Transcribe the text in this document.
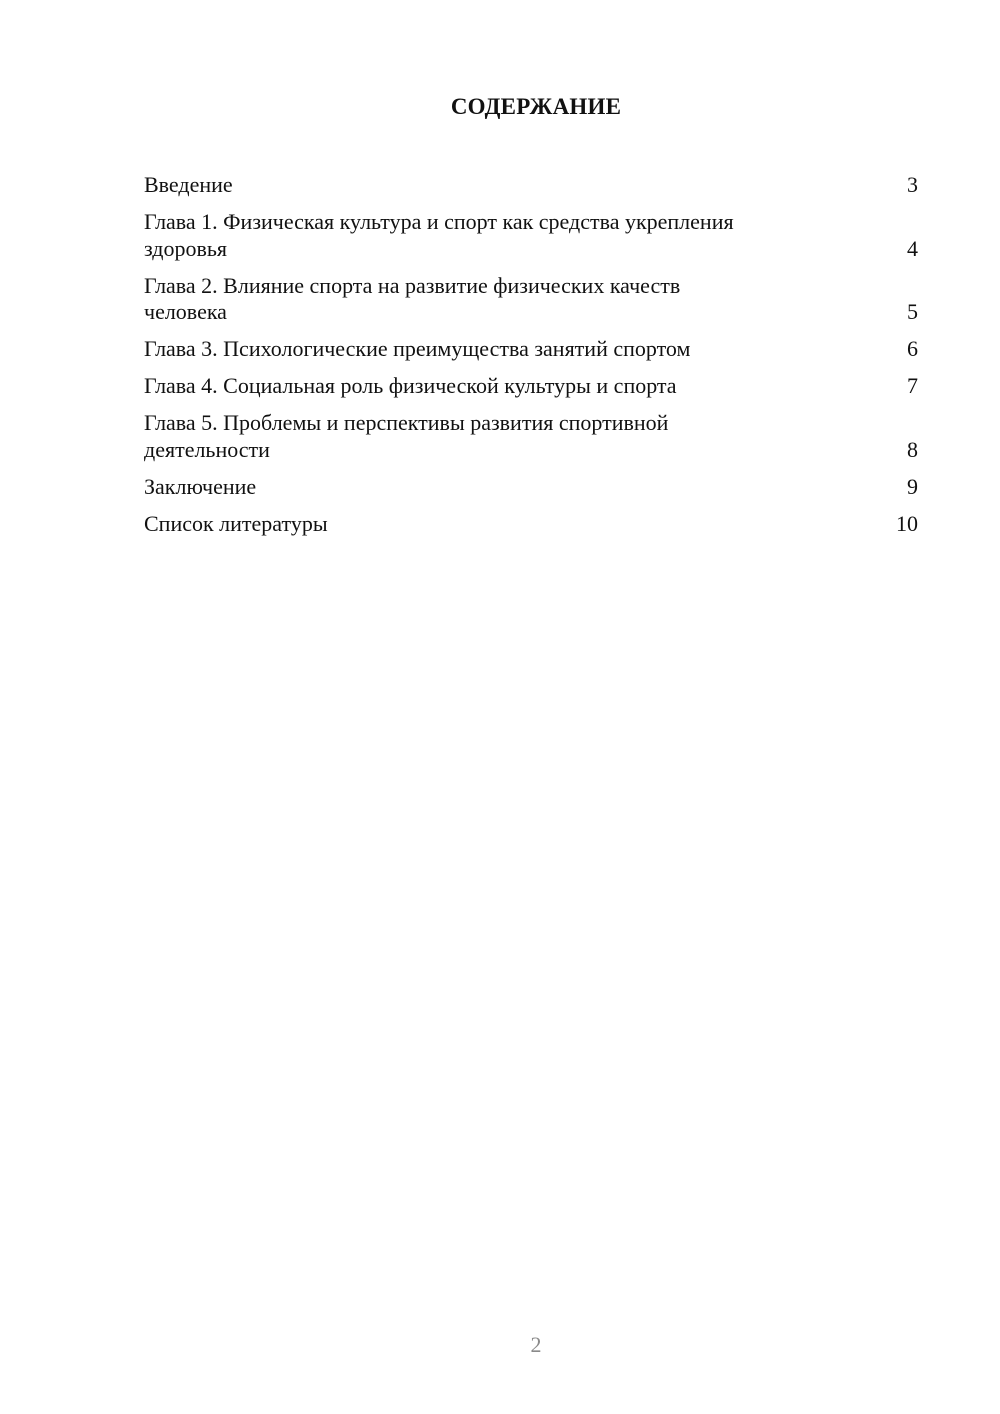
СОДЕРЖАНИЕ
Введение	3
Глава 1. Физическая культура и спорт как средства укрепления
здоровья	4
Глава 2. Влияние спорта на развитие физических качеств
человека	5
Глава 3. Психологические преимущества занятий спортом	6
Глава 4. Социальная роль физической культуры и спорта	7
Глава 5. Проблемы и перспективы развития спортивной
деятельности	8
Заключение	9
Список литературы	10
2
